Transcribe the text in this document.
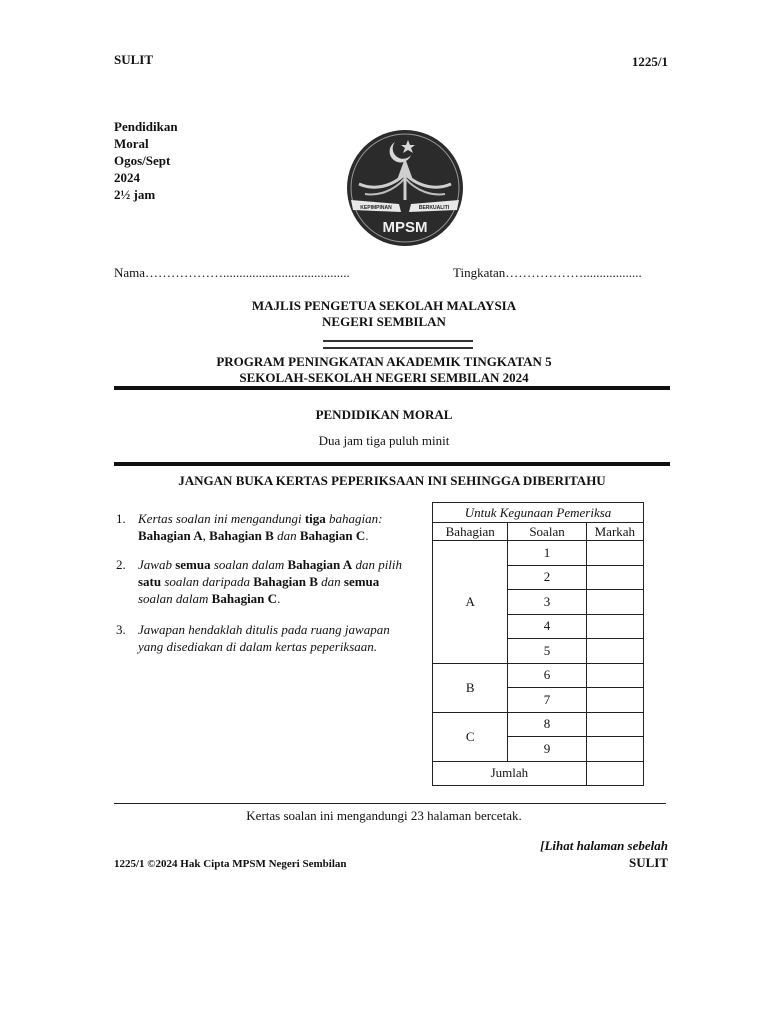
SULIT	1225/1
Pendidikan
Moral
Ogos/Sept
2024
2½ jam
KEPIMPINAN	BERKUALITI
MPSM
Nama……………….......................................	Tingkatan………………..................
MAJLIS PENGETUA SEKOLAH MALAYSIA
NEGERI SEMBILAN
PROGRAM PENINGKATAN AKADEMIK TINGKATAN 5
SEKOLAH-SEKOLAH NEGERI SEMBILAN 2024
PENDIDIKAN MORAL
Dua jam tiga puluh minit
JANGAN BUKA KERTAS PEPERIKSAAN INI SEHINGGA DIBERITAHU
1. Kertas soalan ini mengandungi tiga bahagian:
Bahagian A, Bahagian B dan Bahagian C.
2. Jawab semua soalan dalam Bahagian A dan pilih satu soalan daripada Bahagian B dan semua soalan dalam Bahagian C.
3. Jawapan hendaklah ditulis pada ruang jawapan yang disediakan di dalam kertas peperiksaan.
Untuk Kegunaan Pemeriksa		
Bahagian	Soalan	Markah
A	1	
	2	
	3	
	4	
	5	
B	6	
	7	
C	8	
	9	
Jumlah		
Kertas soalan ini mengandungi 23 halaman bercetak.
[Lihat halaman sebelah
1225/1 ©2024 Hak Cipta MPSM Negeri Sembilan	SULIT
